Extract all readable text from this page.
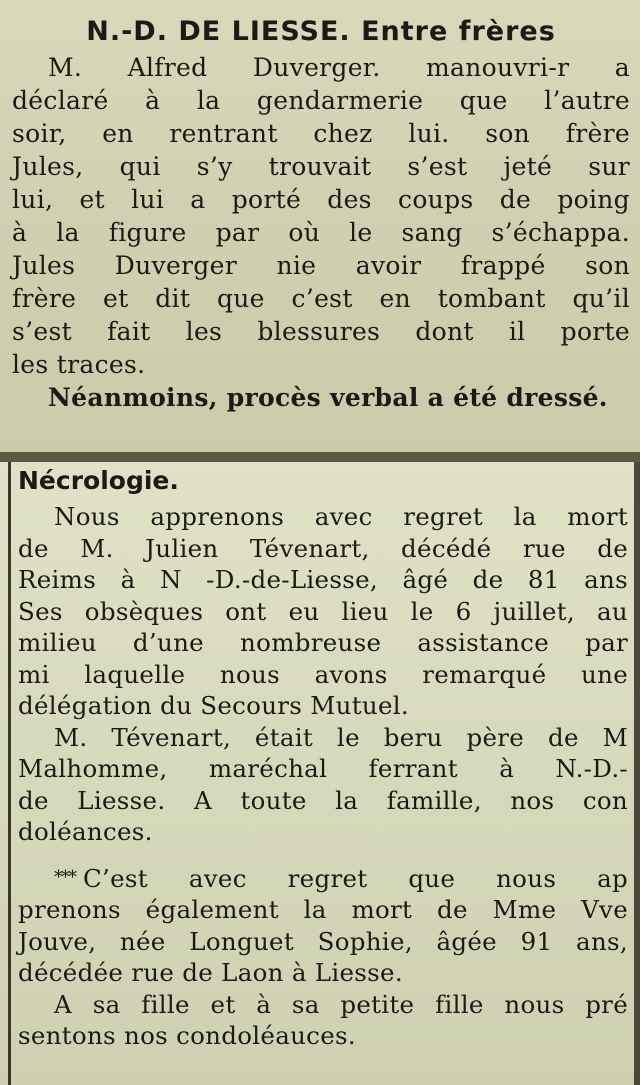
N.-D. DE LIESSE. Entre frères
M. Alfred Duverger. manouvri-r a
déclaré à la gendarmerie que l’autre
soir, en rentrant chez lui. son frère
Jules, qui s’y trouvait s’est jeté sur
lui, et lui a porté des coups de poing
à la figure par où le sang s’échappa.
Jules Duverger nie avoir frappé son
frère et dit que c’est en tombant qu’il
s’est fait les blessures dont il porte
les traces.
Néanmoins, procès verbal a été dressé.
Nécrologie.
Nous apprenons avec regret la mort
de M. Julien Tévenart, décédé rue de
Reims à N -D.-de-Liesse, âgé de 81 ans
Ses obsèques ont eu lieu le 6 juillet, au
milieu d’une nombreuse assistance par
mi laquelle nous avons remarqué une
délégation du Secours Mutuel.
M. Tévenart, était le beru père de M
Malhomme, maréchal ferrant à N.-D.-
de Liesse. A toute la famille, nos con
doléances.
*** C’est avec regret que nous ap
prenons également la mort de Mme Vve
Jouve, née Longuet Sophie, âgée 91 ans,
décédée rue de Laon à Liesse.
A sa fille et à sa petite fille nous pré
sentons nos condoléauces.
